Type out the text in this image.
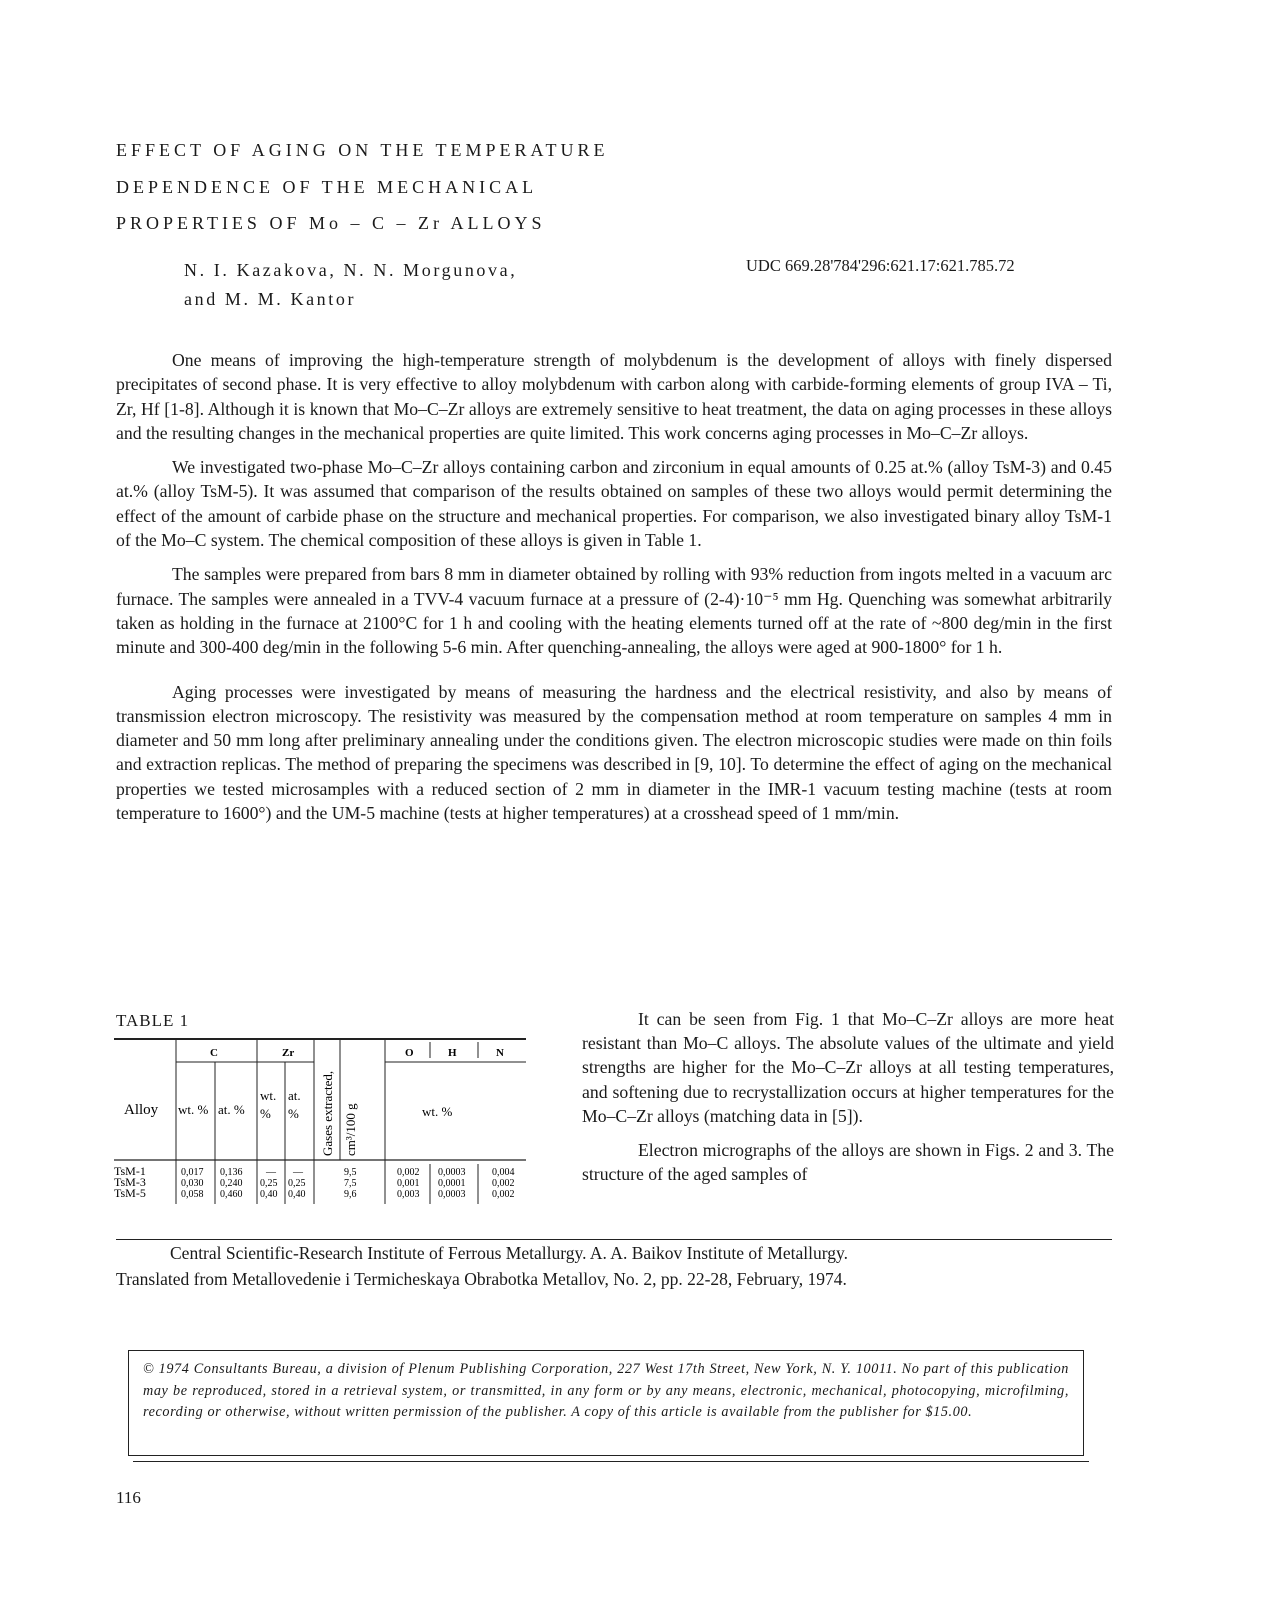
EFFECT OF AGING ON THE TEMPERATURE
DEPENDENCE OF THE MECHANICAL
PROPERTIES OF Mo – C – Zr ALLOYS
N. I. Kazakova, N. N. Morgunova,
and M. M. Kantor
UDC 669.28'784'296:621.17:621.785.72

One means of improving the high-temperature strength of molybdenum is the development of alloys with finely dispersed precipitates of second phase. It is very effective to alloy molybdenum with carbon along with carbide-forming elements of group IVA – Ti, Zr, Hf [1-8]. Although it is known that Mo–C–Zr alloys are extremely sensitive to heat treatment, the data on aging processes in these alloys and the resulting changes in the mechanical properties are quite limited. This work concerns aging processes in Mo–C–Zr alloys.

We investigated two-phase Mo–C–Zr alloys containing carbon and zirconium in equal amounts of 0.25 at.% (alloy TsM-3) and 0.45 at.% (alloy TsM-5). It was assumed that comparison of the results obtained on samples of these two alloys would permit determining the effect of the amount of carbide phase on the structure and mechanical properties. For comparison, we also investigated binary alloy TsM-1 of the Mo–C system. The chemical composition of these alloys is given in Table 1.

The samples were prepared from bars 8 mm in diameter obtained by rolling with 93% reduction from ingots melted in a vacuum arc furnace. The samples were annealed in a TVV-4 vacuum furnace at a pressure of (2-4)·10⁻⁵ mm Hg. Quenching was somewhat arbitrarily taken as holding in the furnace at 2100°C for 1 h and cooling with the heating elements turned off at the rate of ~800 deg/min in the first minute and 300-400 deg/min in the following 5-6 min. After quenching-annealing, the alloys were aged at 900-1800° for 1 h.

Aging processes were investigated by means of measuring the hardness and the electrical resistivity, and also by means of transmission electron microscopy. The resistivity was measured by the compensation method at room temperature on samples 4 mm in diameter and 50 mm long after preliminary annealing under the conditions given. The electron microscopic studies were made on thin foils and extraction replicas. The method of preparing the specimens was described in [9, 10]. To determine the effect of aging on the mechanical properties we tested microsamples with a reduced section of 2 mm in diameter in the IMR-1 vacuum testing machine (tests at room temperature to 1600°) and the UM-5 machine (tests at higher temperatures) at a crosshead speed of 1 mm/min.

TABLE 1
Alloy
C	Zr	O	H	N
wt. % at. %
wt.
%
at.
%	wt. %
Gases extracted, cm³/100 g
TsM-1	0,017 0,136 — —	9,5	0,002 0,0003	0,004
TsM-3	0,030 0,240 0,25 0,25	7,5	0,001 0,0001	0,002
TsM-5	0,058 0,460 0,40 0,40	9,6	0,003 0,0003	0,002

It can be seen from Fig. 1 that Mo–C–Zr alloys are more heat resistant than Mo–C alloys. The absolute values of the ultimate and yield strengths are higher for the Mo–C–Zr alloys at all testing temperatures, and softening due to recrystallization occurs at higher temperatures for the Mo–C–Zr alloys (matching data in [5]).

Electron micrographs of the alloys are shown in Figs. 2 and 3. The structure of the aged samples of

Central Scientific-Research Institute of Ferrous Metallurgy. A. A. Baikov Institute of Metallurgy.
Translated from Metallovedenie i Termicheskaya Obrabotka Metallov, No. 2, pp. 22-28, February, 1974.
© 1974 Consultants Bureau, a division of Plenum Publishing Corporation, 227 West 17th Street, New York, N. Y. 10011. No part of this publication may be reproduced, stored in a retrieval system, or transmitted, in any form or by any means, electronic, mechanical, photocopying, microfilming, recording or otherwise, without written permission of the publisher. A copy of this article is available from the publisher for $15.00.
116
